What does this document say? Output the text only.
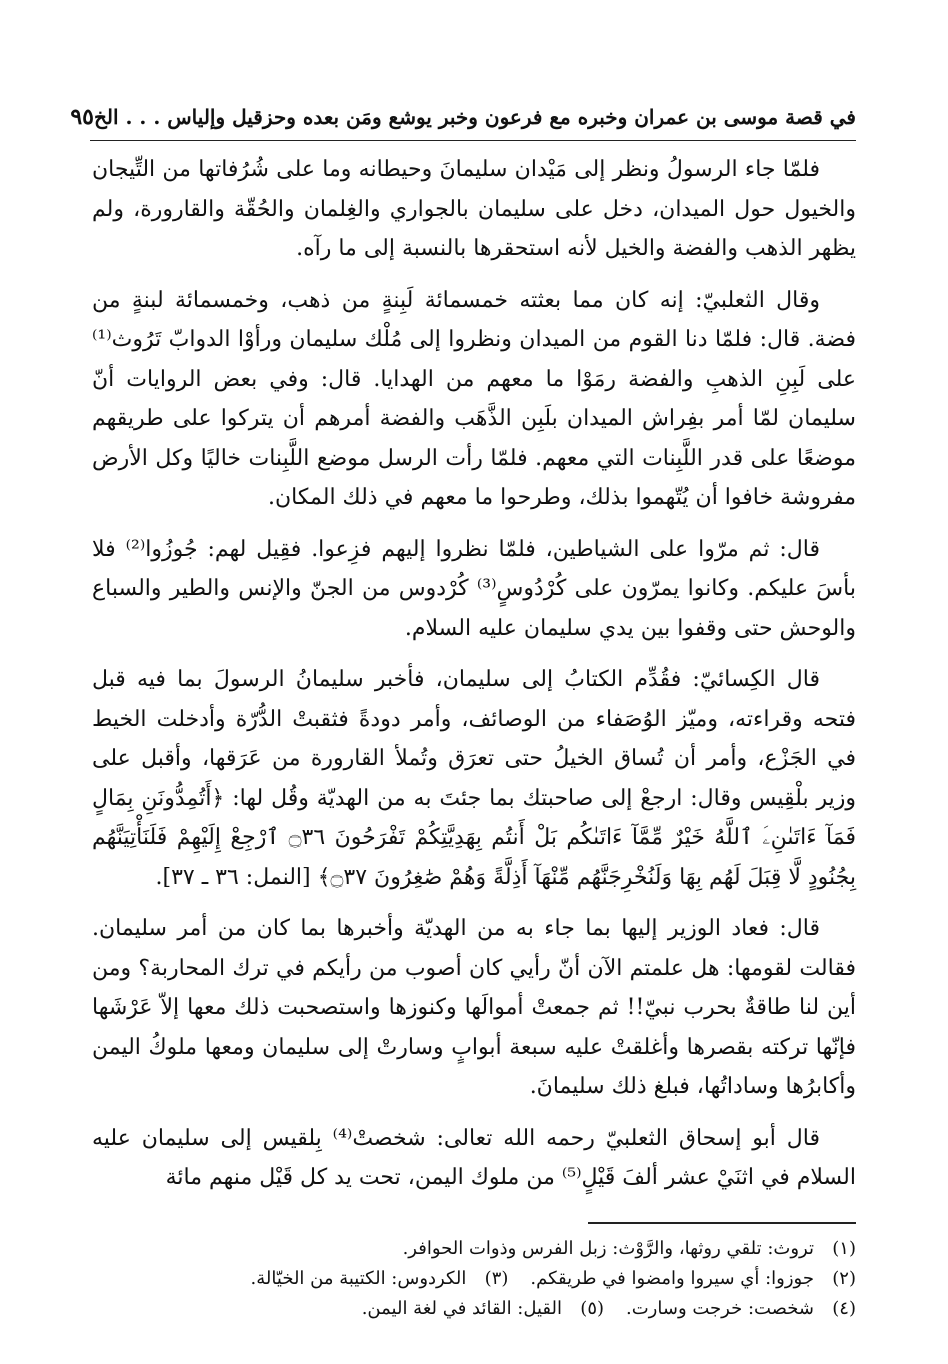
في قصة موسى بن عمران وخبره مع فرعون وخبر يوشع ومَن بعده وحزقيل وإلياس . . . الخ
٩٥

فلمّا جاء الرسولُ ونظر إلى مَيْدان سليمانَ وحيطانه وما على شُرُفاتها من التِّيجان والخيول حول الميدان، دخل على سليمان بالجواري والغِلمان والحُقّة والقارورة، ولم يظهر الذهب والفضة والخيل لأنه استحقرها بالنسبة إلى ما رآه.

وقال الثعلبيّ: إنه كان مما بعثته خمسمائة لَبِنةٍ من ذهب، وخمسمائة لبنةٍ من فضة. قال: فلمّا دنا القوم من الميدان ونظروا إلى مُلْك سليمان ورأوْا الدوابّ تَرُوث⁽¹⁾ على لَبِنِ الذهبِ والفضة رمَوْا ما معهم من الهدايا. قال: وفي بعض الروايات أنّ سليمان لمّا أمر بفِراش الميدان بلَبِن الذَّهَب والفضة أمرهم أن يتركوا على طريقهم موضعًا على قدر اللَّبِنات التي معهم. فلمّا رأت الرسل موضع اللَّبِنات خاليًا وكل الأرض مفروشة خافوا أن يُتّهموا بذلك، وطرحوا ما معهم في ذلك المكان.

قال: ثم مرّوا على الشياطين، فلمّا نظروا إليهم فزِعوا. فقِيل لهم: جُوزُوا⁽²⁾ فلا بأسَ عليكم. وكانوا يمرّون على كُرْدُوسٍ⁽³⁾ كُرْدوس من الجنّ والإنس والطير والسباع والوحش حتى وقفوا بين يدي سليمان عليه السلام.

قال الكِسائيّ: فقُدِّم الكتابُ إلى سليمان، فأخبر سليمانُ الرسولَ بما فيه قبل فتحه وقراءته، وميّز الوُصَفاء من الوصائف، وأمر دودةً فثقبتْ الدُّرّة وأدخلت الخيط في الجَزْع، وأمر أن تُساق الخيلُ حتى تعرَق وتُملأ القارورة من عَرَقها، وأقبل على وزير بلْقِيس وقال: ارجعْ إلى صاحبتك بما جئتَ به من الهديّة وقُل لها: ﴿أَتُمِدُّونَنِ بِمَالٍ فَمَآ ءَاتَىٰنِۦَ ٱللَّهُ خَيْرٌ مِّمَّآ ءَاتَىٰكُم بَلْ أَنتُم بِهَدِيَّتِكُمْ تَفْرَحُونَ ۝٣٦ ٱرْجِعْ إِلَيْهِمْ فَلَنَأْتِيَنَّهُم بِجُنُودٍ لَّا قِبَلَ لَهُم بِهَا وَلَنُخْرِجَنَّهُم مِّنْهَآ أَذِلَّةً وَهُمْ صَٰغِرُونَ ۝٣٧﴾ [النمل: ٣٦ ـ ٣٧].

قال: فعاد الوزير إليها بما جاء به من الهديّة وأخبرها بما كان من أمر سليمان. فقالت لقومها: هل علمتم الآن أنّ رأيي كان أصوب من رأيكم في ترك المحاربة؟ ومن أين لنا طاقةٌ بحرب نبيّ!! ثم جمعتْ أموالَها وكنوزها واستصحبت ذلك معها إلاّ عَرْشَها فإنّها تركته بقصرها وأغلقتْ عليه سبعة أبوابٍ وسارتْ إلى سليمان ومعها ملوكُ اليمن وأكابرُها وساداتُها، فبلغ ذلك سليمانَ.

قال أبو إسحاق الثعلبيّ رحمه الله تعالى: شخصتْ⁽⁴⁾ بِلقيس إلى سليمان عليه السلام في اثنَيْ عشر ألفَ قَيْلٍ⁽⁵⁾ من ملوك اليمن، تحت يد كل قَيْل منهم مائة

(١)
تروث: تلقي روثها، والرَّوْث: زبل الفرس وذوات الحوافر.
(٢)
جوزوا: أي سيروا وامضوا في طريقكم.
(٣)
الكردوس: الكتيبة من الخيّالة.
(٤)
شخصت: خرجت وسارت.
(٥)
القيل: القائد في لغة اليمن.
